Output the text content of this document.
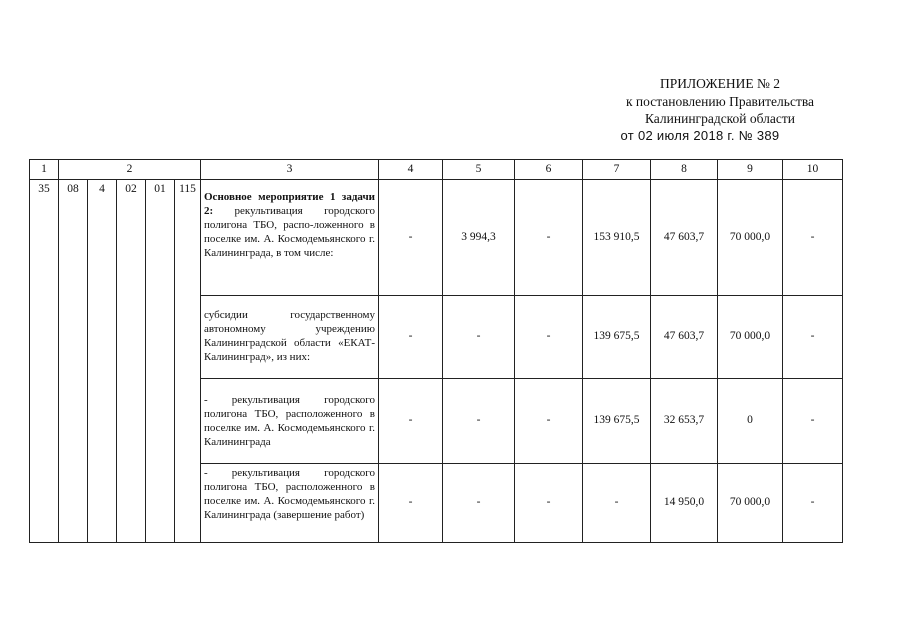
ПРИЛОЖЕНИЕ № 2
к постановлению Правительства
Калининградской области
от 02 июля 2018 г. № 389
1	2					3	4	5	6	7	8	9	10
35	08	4	02	01	115	Основное мероприятие 1 задачи 2: рекультивация городского полигона ТБО, распо-ложенного в поселке им. А. Космодемьянского г. Калининграда, в том числе:	-	3 994,3	-	153 910,5	47 603,7	70 000,0	-
						субсидии государственному автономному учреждению Калининградской области «ЕКАТ-Калининград», из них:	-	-	-	139 675,5	47 603,7	70 000,0	-
						- рекультивация городского полигона ТБО, расположенного в поселке им. А. Космодемьянского г. Калининграда	-	-	-	139 675,5	32 653,7	0	-
						- рекультивация городского полигона ТБО, расположенного в поселке им. А. Космодемьянского г. Калининграда (завершение работ)	-	-	-	-	14 950,0	70 000,0	-
